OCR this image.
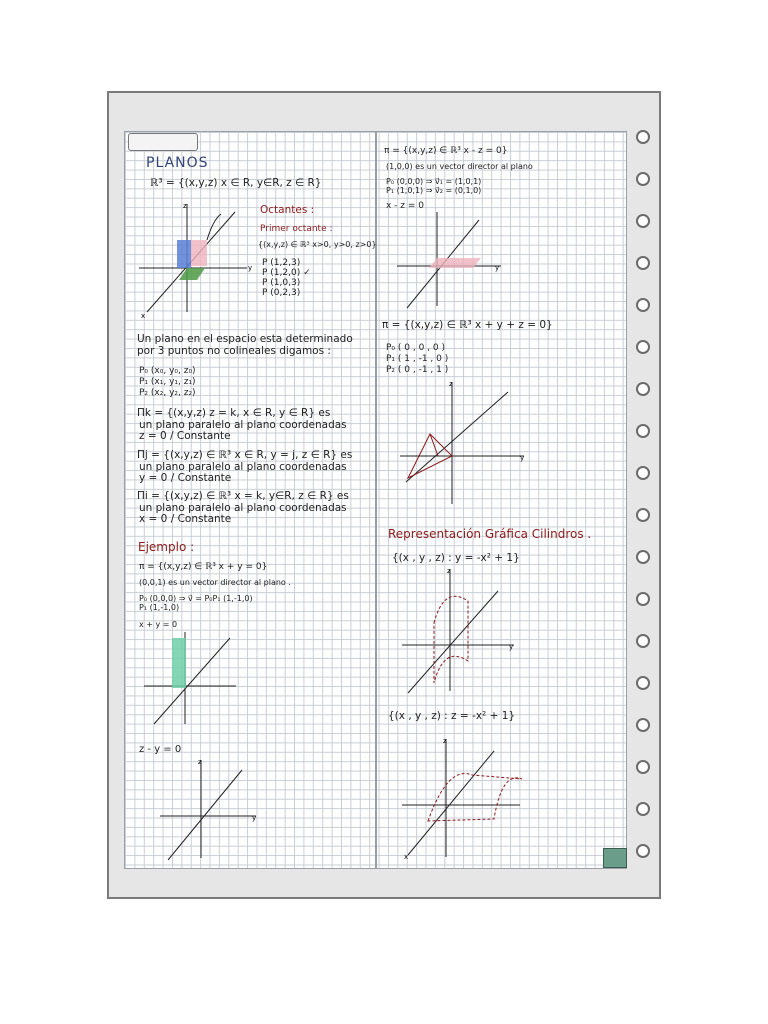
PLANOS
ℝ³ = {(x,y,z) x ∈ R, y∈R, z ∈ R}
z
y
x
Octantes :
Primer octante :
{(x,y,z) ∈ ℝ³ x>0, y>0, z>0}
P (1,2,3)
P (1,2,0) ✓
P (1,0,3)
P (0,2,3)
Un plano en el espacio esta determinado
por 3 puntos no colineales digamos :
P₀ (x₀, y₀, z₀)
P₁ (x₁, y₁, z₁)
P₂ (x₂, y₂, z₂)
Πk = {(x,y,z) z = k, x ∈ R, y ∈ R} es
un plano paralelo al plano coordenadas
z = 0 / Constante
Πj = {(x,y,z) ∈ ℝ³ x ∈ R, y = j, z ∈ R} es
un plano paralelo al plano coordenadas
y = 0 / Constante
Πi = {(x,y,z) ∈ ℝ³ x = k, y∈R, z ∈ R} es
un plano paralelo al plano coordenadas
x = 0 / Constante
Ejemplo :
π = {(x,y,z) ∈ ℝ³ x + y = 0}
(0,0,1) es un vector director al plano .
P₀ (0,0,0) ⇒ v⃗ = P₀P₁ (1,-1,0)
P₁ (1,-1,0)
x + y = 0
z - y = 0
z
y
π = {(x,y,z) ∈ ℝ³ x - z = 0}
(1,0,0) es un vector director al plano
P₀ (0,0,0) ⇒ v⃗₁ = (1,0,1)
P₁ (1,0,1) ⇒ v⃗₂ = (0,1,0)
x - z = 0
y
π = {(x,y,z) ∈ ℝ³ x + y + z = 0}
P₀ ( 0 , 0 , 0 )
P₁ ( 1 , -1 , 0 )
P₂ ( 0 , -1 , 1 )
z
y
Representación Gráfica Cilindros .
{(x , y , z) : y = -x² + 1}
z
y
{(x , y , z) : z = -x² + 1}
z
x
